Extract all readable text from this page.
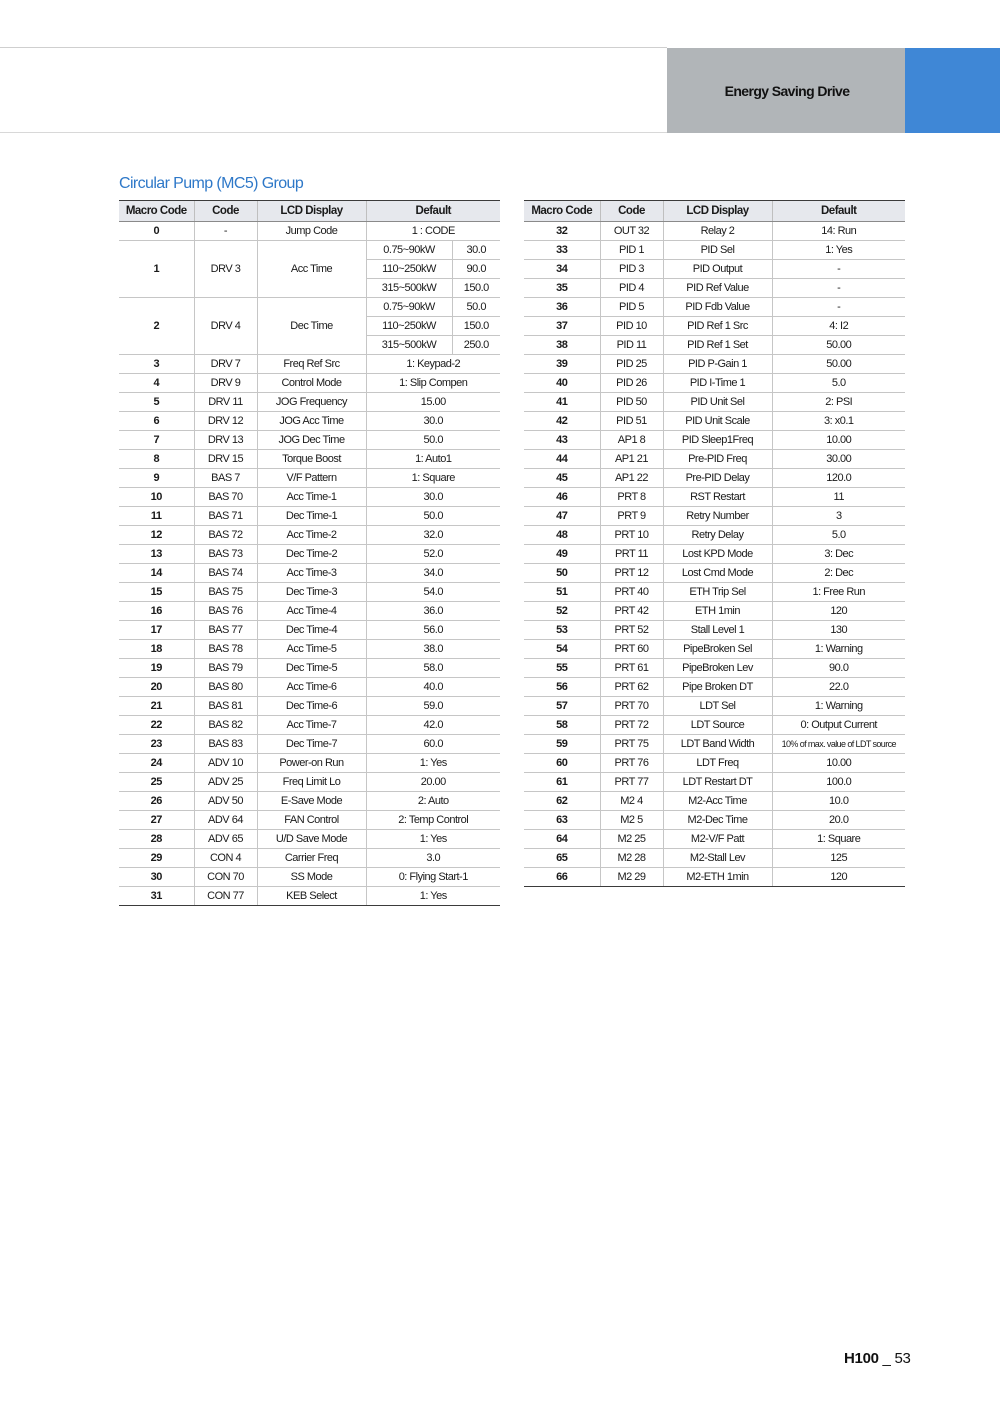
Energy Saving Drive
Circular Pump (MC5) Group
Macro Code	Code	LCD Display	Default	
0	-	Jump Code	1 : CODE	
1	DRV 3	Acc Time	0.75~90kW	30.0
			110~250kW	90.0
			315~500kW	150.0
2	DRV 4	Dec Time	0.75~90kW	50.0
			110~250kW	150.0
			315~500kW	250.0
3	DRV 7	Freq Ref Src	1: Keypad-2	
4	DRV 9	Control Mode	1: Slip Compen	
5	DRV 11	JOG Frequency	15.00	
6	DRV 12	JOG Acc Time	30.0	
7	DRV 13	JOG Dec Time	50.0	
8	DRV 15	Torque Boost	1: Auto1	
9	BAS 7	V/F Pattern	1: Square	
10	BAS 70	Acc Time-1	30.0	
11	BAS 71	Dec Time-1	50.0	
12	BAS 72	Acc Time-2	32.0	
13	BAS 73	Dec Time-2	52.0	
14	BAS 74	Acc Time-3	34.0	
15	BAS 75	Dec Time-3	54.0	
16	BAS 76	Acc Time-4	36.0	
17	BAS 77	Dec Time-4	56.0	
18	BAS 78	Acc Time-5	38.0	
19	BAS 79	Dec Time-5	58.0	
20	BAS 80	Acc Time-6	40.0	
21	BAS 81	Dec Time-6	59.0	
22	BAS 82	Acc Time-7	42.0	
23	BAS 83	Dec Time-7	60.0	
24	ADV 10	Power-on Run	1: Yes	
25	ADV 25	Freq Limit Lo	20.00	
26	ADV 50	E-Save Mode	2: Auto	
27	ADV 64	FAN Control	2: Temp Control	
28	ADV 65	U/D Save Mode	1: Yes	
29	CON 4	Carrier Freq	3.0	
30	CON 70	SS Mode	0: Flying Start-1	
31	CON 77	KEB Select	1: Yes	
Macro Code	Code	LCD Display	Default
32	OUT 32	Relay 2	14: Run
33	PID 1	PID Sel	1: Yes
34	PID 3	PID Output	-
35	PID 4	PID Ref Value	-
36	PID 5	PID Fdb Value	-
37	PID 10	PID Ref 1 Src	4: I2
38	PID 11	PID Ref 1 Set	50.00
39	PID 25	PID P-Gain 1	50.00
40	PID 26	PID I-Time 1	5.0
41	PID 50	PID Unit Sel	2: PSI
42	PID 51	PID Unit Scale	3: x0.1
43	AP1 8	PID Sleep1Freq	10.00
44	AP1 21	Pre-PID Freq	30.00
45	AP1 22	Pre-PID Delay	120.0
46	PRT 8	RST Restart	11
47	PRT 9	Retry Number	3
48	PRT 10	Retry Delay	5.0
49	PRT 11	Lost KPD Mode	3: Dec
50	PRT 12	Lost Cmd Mode	2: Dec
51	PRT 40	ETH Trip Sel	1: Free Run
52	PRT 42	ETH 1min	120
53	PRT 52	Stall Level 1	130
54	PRT 60	PipeBroken Sel	1: Warning
55	PRT 61	PipeBroken Lev	90.0
56	PRT 62	Pipe Broken DT	22.0
57	PRT 70	LDT Sel	1: Warning
58	PRT 72	LDT Source	0: Output Current
59	PRT 75	LDT Band Width	10% of max. value of LDT source
60	PRT 76	LDT Freq	10.00
61	PRT 77	LDT Restart DT	100.0
62	M2 4	M2-Acc Time	10.0
63	M2 5	M2-Dec Time	20.0
64	M2 25	M2-V/F Patt	1: Square
65	M2 28	M2-Stall Lev	125
66	M2 29	M2-ETH 1min	120
H100 _ 53
